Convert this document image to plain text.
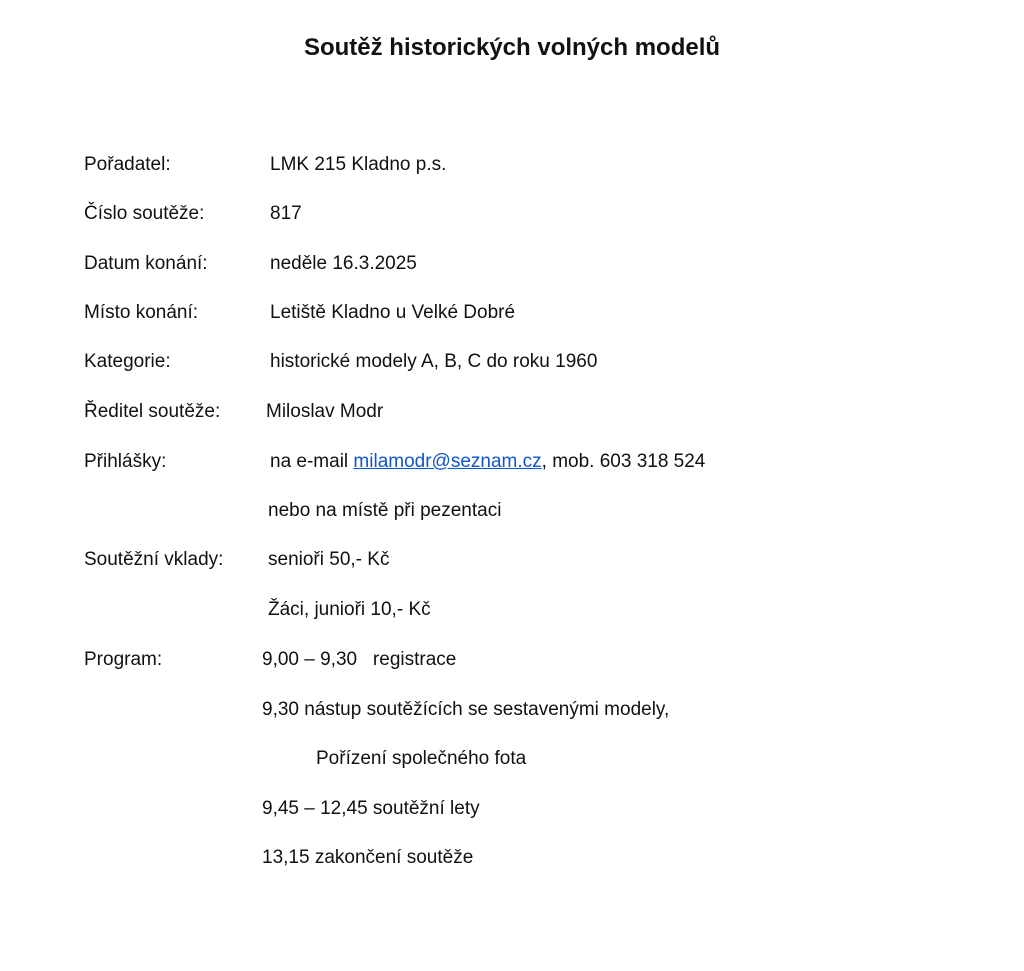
Soutěž historických volných modelů
Pořadatel:	LMK 215 Kladno p.s.
Číslo soutěže:	817
Datum konání:	neděle 16.3.2025
Místo konání:	Letiště Kladno u Velké Dobré
Kategorie:	historické modely A, B, C do roku 1960
Ředitel soutěže: Miloslav Modr
Přihlášky:	na e-mail milamodr@seznam.cz, mob. 603 318 524
nebo na místě při pezentaci
Soutěžní vklady: senioři 50,- Kč
Žáci, junioři 10,- Kč
Program:	9,00 – 9,30   registrace
9,30 nástup soutěžících se sestavenými modely,
Pořízení společného fota
9,45 – 12,45 soutěžní lety
13,15 zakončení soutěže
